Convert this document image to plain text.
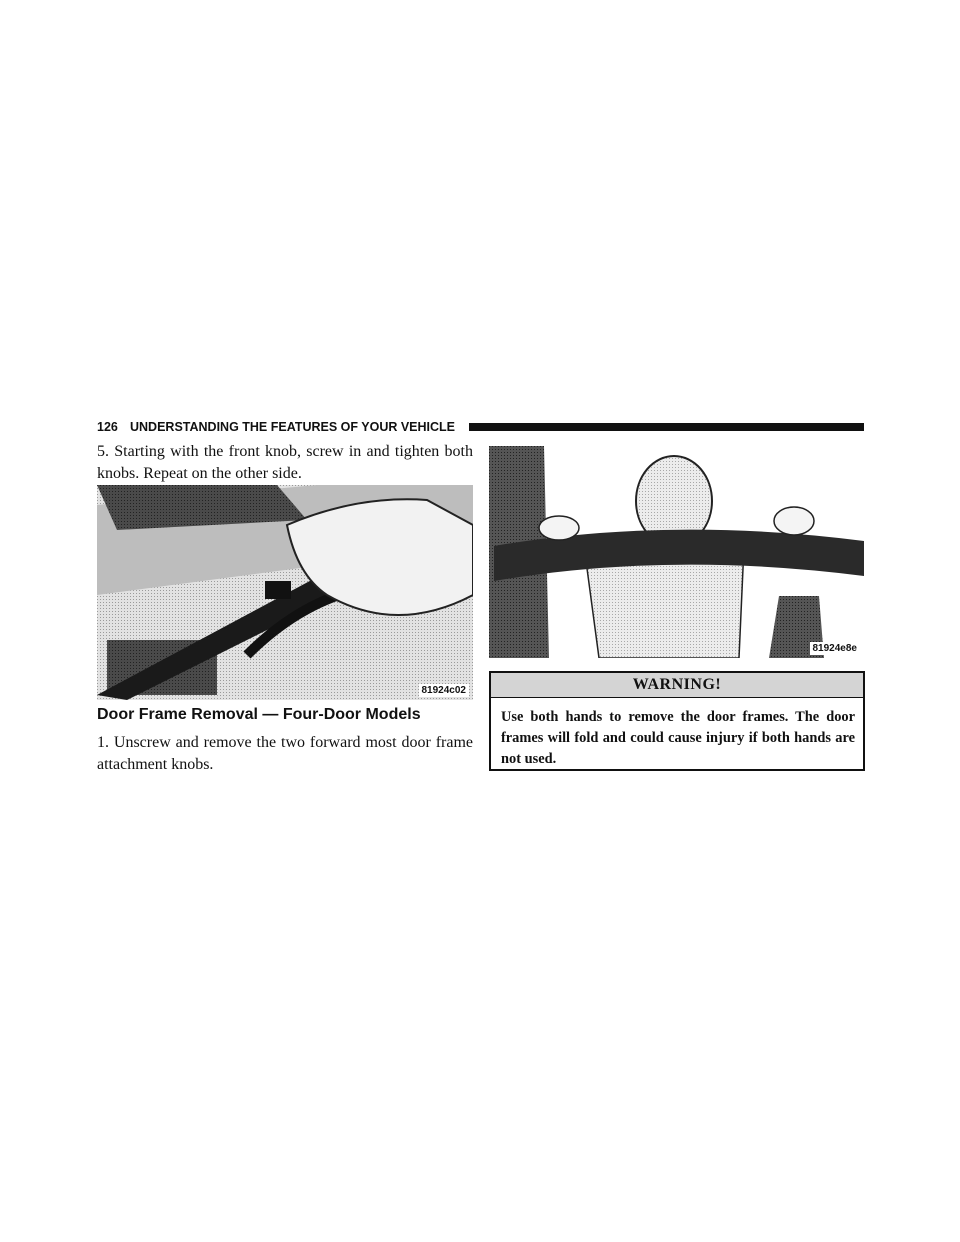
126 UNDERSTANDING THE FEATURES OF YOUR VEHICLE

5. Starting with the front knob, screw in and tighten both knobs. Repeat on the other side.

81924c02
Door Frame Removal — Four-Door Models

1. Unscrew and remove the two forward most door frame attachment knobs.

81924e8e
WARNING!
Use both hands to remove the door frames. The door frames will fold and could cause injury if both hands are not used.
